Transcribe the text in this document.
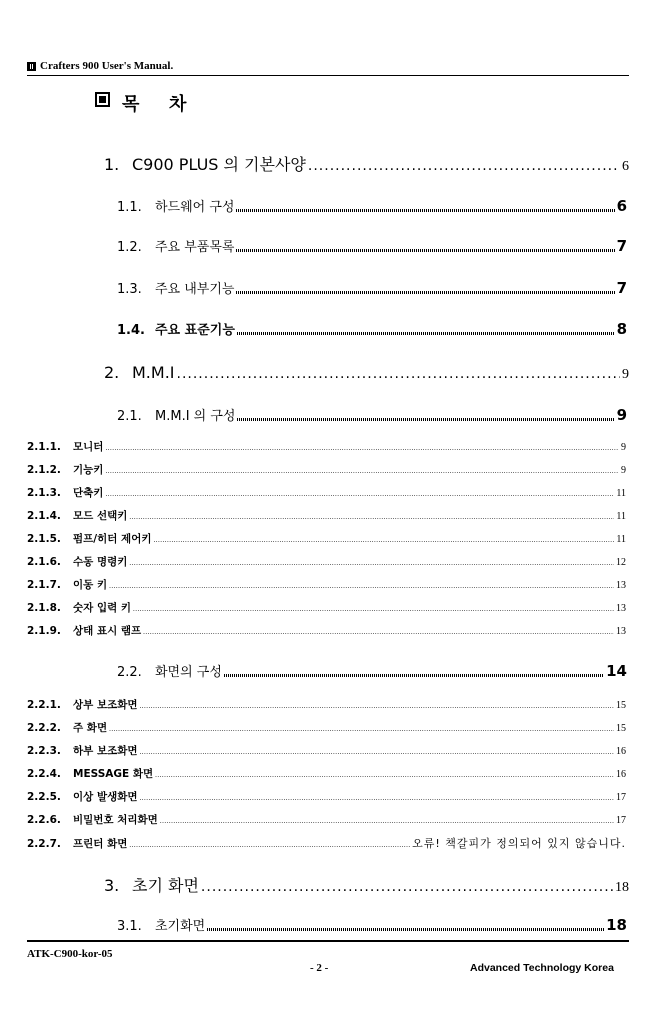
Crafters 900 User's Manual.
목 차
1. C900 PLUS 의 기본사양 .....	6
1.1.	하드웨어 구성	6
1.2.	주요 부품목록	7
1.3.	주요 내부기능	7
1.4. 주요 표준기능	8
2. M.M.I .....	9
2.1.	M.M.I 의 구성	9
2.1.1.	모니터 .....	9
2.1.2.	기능키 .....	9
2.1.3.	단축키 .....	11
2.1.4.	모드 선택키 .....	11
2.1.5.	펌프/히터 제어키 .....	11
2.1.6.	수동 명령키 .....	12
2.1.7.	이동 키 .....	13
2.1.8.	숫자 입력 키 .....	13
2.1.9.	상태 표시 램프 .....	13
2.2.	화면의 구성	14
2.2.1.	상부 보조화면 .....	15
2.2.2.	주 화면 .....	15
2.2.3.	하부 보조화면 .....	16
2.2.4.	MESSAGE 화면 .....	16
2.2.5.	이상 발생화면 .....	17
2.2.6.	비밀번호 처리화면 .....	17
2.2.7.	프린터 화면 .....	오류! 책갈피가 정의되어 있지 않습니다.
3. 초기 화면 .....	18
3.1.	초기화면	18
ATK-C900-kor-05
- 2 -	Advanced Technology Korea
